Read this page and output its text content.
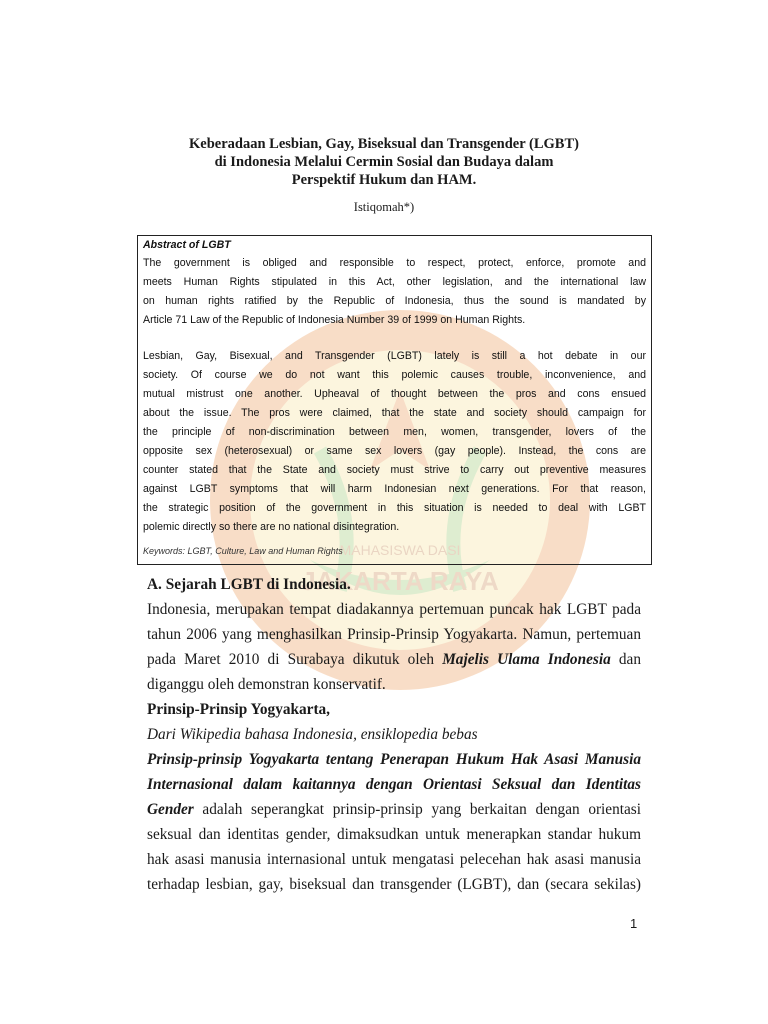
MAHASISWA DASI
JAKARTA RAYA
Keberadaan Lesbian, Gay, Biseksual dan Transgender (LGBT)
di Indonesia Melalui Cermin Sosial dan Budaya dalam
Perspektif Hukum dan HAM.
Istiqomah*)
Abstract of LGBT
The government is obliged and responsible to respect, protect, enforce, promote and
meets Human Rights stipulated in this Act, other legislation, and the international law
on human rights ratified by the Republic of Indonesia, thus the sound is mandated by
Article 71 Law of the Republic of Indonesia Number 39 of 1999 on Human Rights.
Lesbian, Gay, Bisexual, and Transgender (LGBT) lately is still a hot debate in our
society. Of course we do not want this polemic causes trouble, inconvenience, and
mutual mistrust one another. Upheaval of thought between the pros and cons ensued
about the issue. The pros were claimed, that the state and society should campaign for
the principle of non-discrimination between men, women, transgender, lovers of the
opposite sex (heterosexual) or same sex lovers (gay people). Instead, the cons are
counter stated that the State and society must strive to carry out preventive measures
against LGBT symptoms that will harm Indonesian next generations. For that reason,
the strategic position of the government in this situation is needed to deal with LGBT
polemic directly so there are no national disintegration.
Keywords: LGBT, Culture, Law and Human Rights
A. Sejarah LGBT di Indonesia.
Indonesia, merupakan tempat diadakannya pertemuan puncak hak LGBT pada
tahun 2006 yang menghasilkan Prinsip-Prinsip Yogyakarta. Namun, pertemuan
pada Maret 2010 di Surabaya dikutuk oleh Majelis Ulama Indonesia dan
diganggu oleh demonstran konservatif.
Prinsip-Prinsip Yogyakarta,
Dari Wikipedia bahasa Indonesia, ensiklopedia bebas
Prinsip-prinsip Yogyakarta tentang Penerapan Hukum Hak Asasi Manusia
Internasional dalam kaitannya dengan Orientasi Seksual dan Identitas
Gender adalah seperangkat prinsip-prinsip yang berkaitan dengan orientasi
seksual dan identitas gender, dimaksudkan untuk menerapkan standar hukum
hak asasi manusia internasional untuk mengatasi pelecehan hak asasi manusia
terhadap lesbian, gay, biseksual dan transgender (LGBT), dan (secara sekilas)
1
